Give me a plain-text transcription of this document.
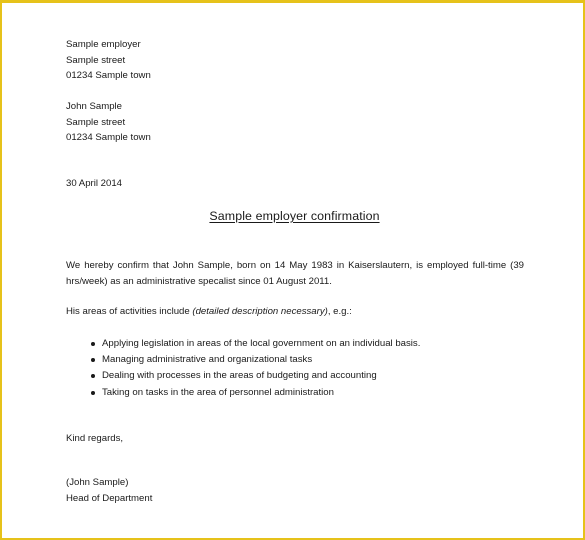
Sample employer
Sample street
01234 Sample town
John Sample
Sample street
01234 Sample town
30 April 2014
Sample employer confirmation
We hereby confirm that John Sample, born on 14 May 1983 in Kaiserslautern, is employed full-time (39 hrs/week) as an administrative specalist since 01 August 2011.
His areas of activities include (detailed description necessary), e.g.:
Applying legislation in areas of the local government on an individual basis.
Managing administrative and organizational tasks
Dealing with processes in the areas of budgeting and accounting
Taking on tasks in the area of personnel administration
Kind regards,
(John Sample)
Head of Department
